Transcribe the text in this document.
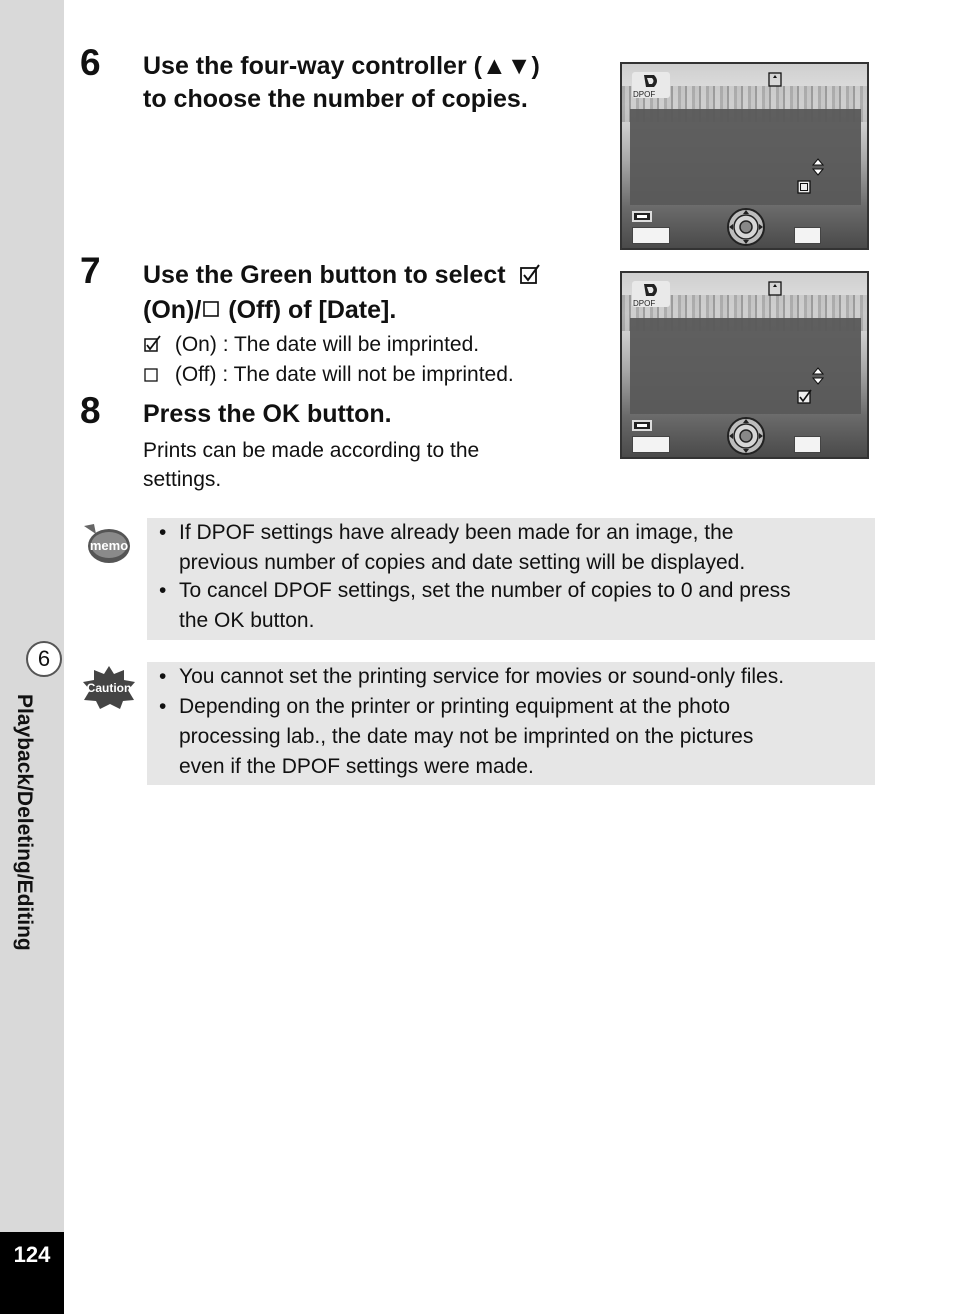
6
Playback/Deleting/Editing
124
6 Use the four-way controller (▲▼)
to choose the number of copies.	DPOF
7 Use the Green button to select
(On)/ (Off) of [Date].
(On) : The date will be imprinted.
(Off) : The date will not be imprinted.
DPOF
8 Press the OK button.
Prints can be made according to the
settings.
memo
• If DPOF settings have already been made for an image, the
previous number of copies and date setting will be displayed.
• To cancel DPOF settings, set the number of copies to 0 and press
the OK button.
Caution • You cannot set the printing service for movies or sound-only files.
• Depending on the printer or printing equipment at the photo
processing lab., the date may not be imprinted on the pictures
even if the DPOF settings were made.
